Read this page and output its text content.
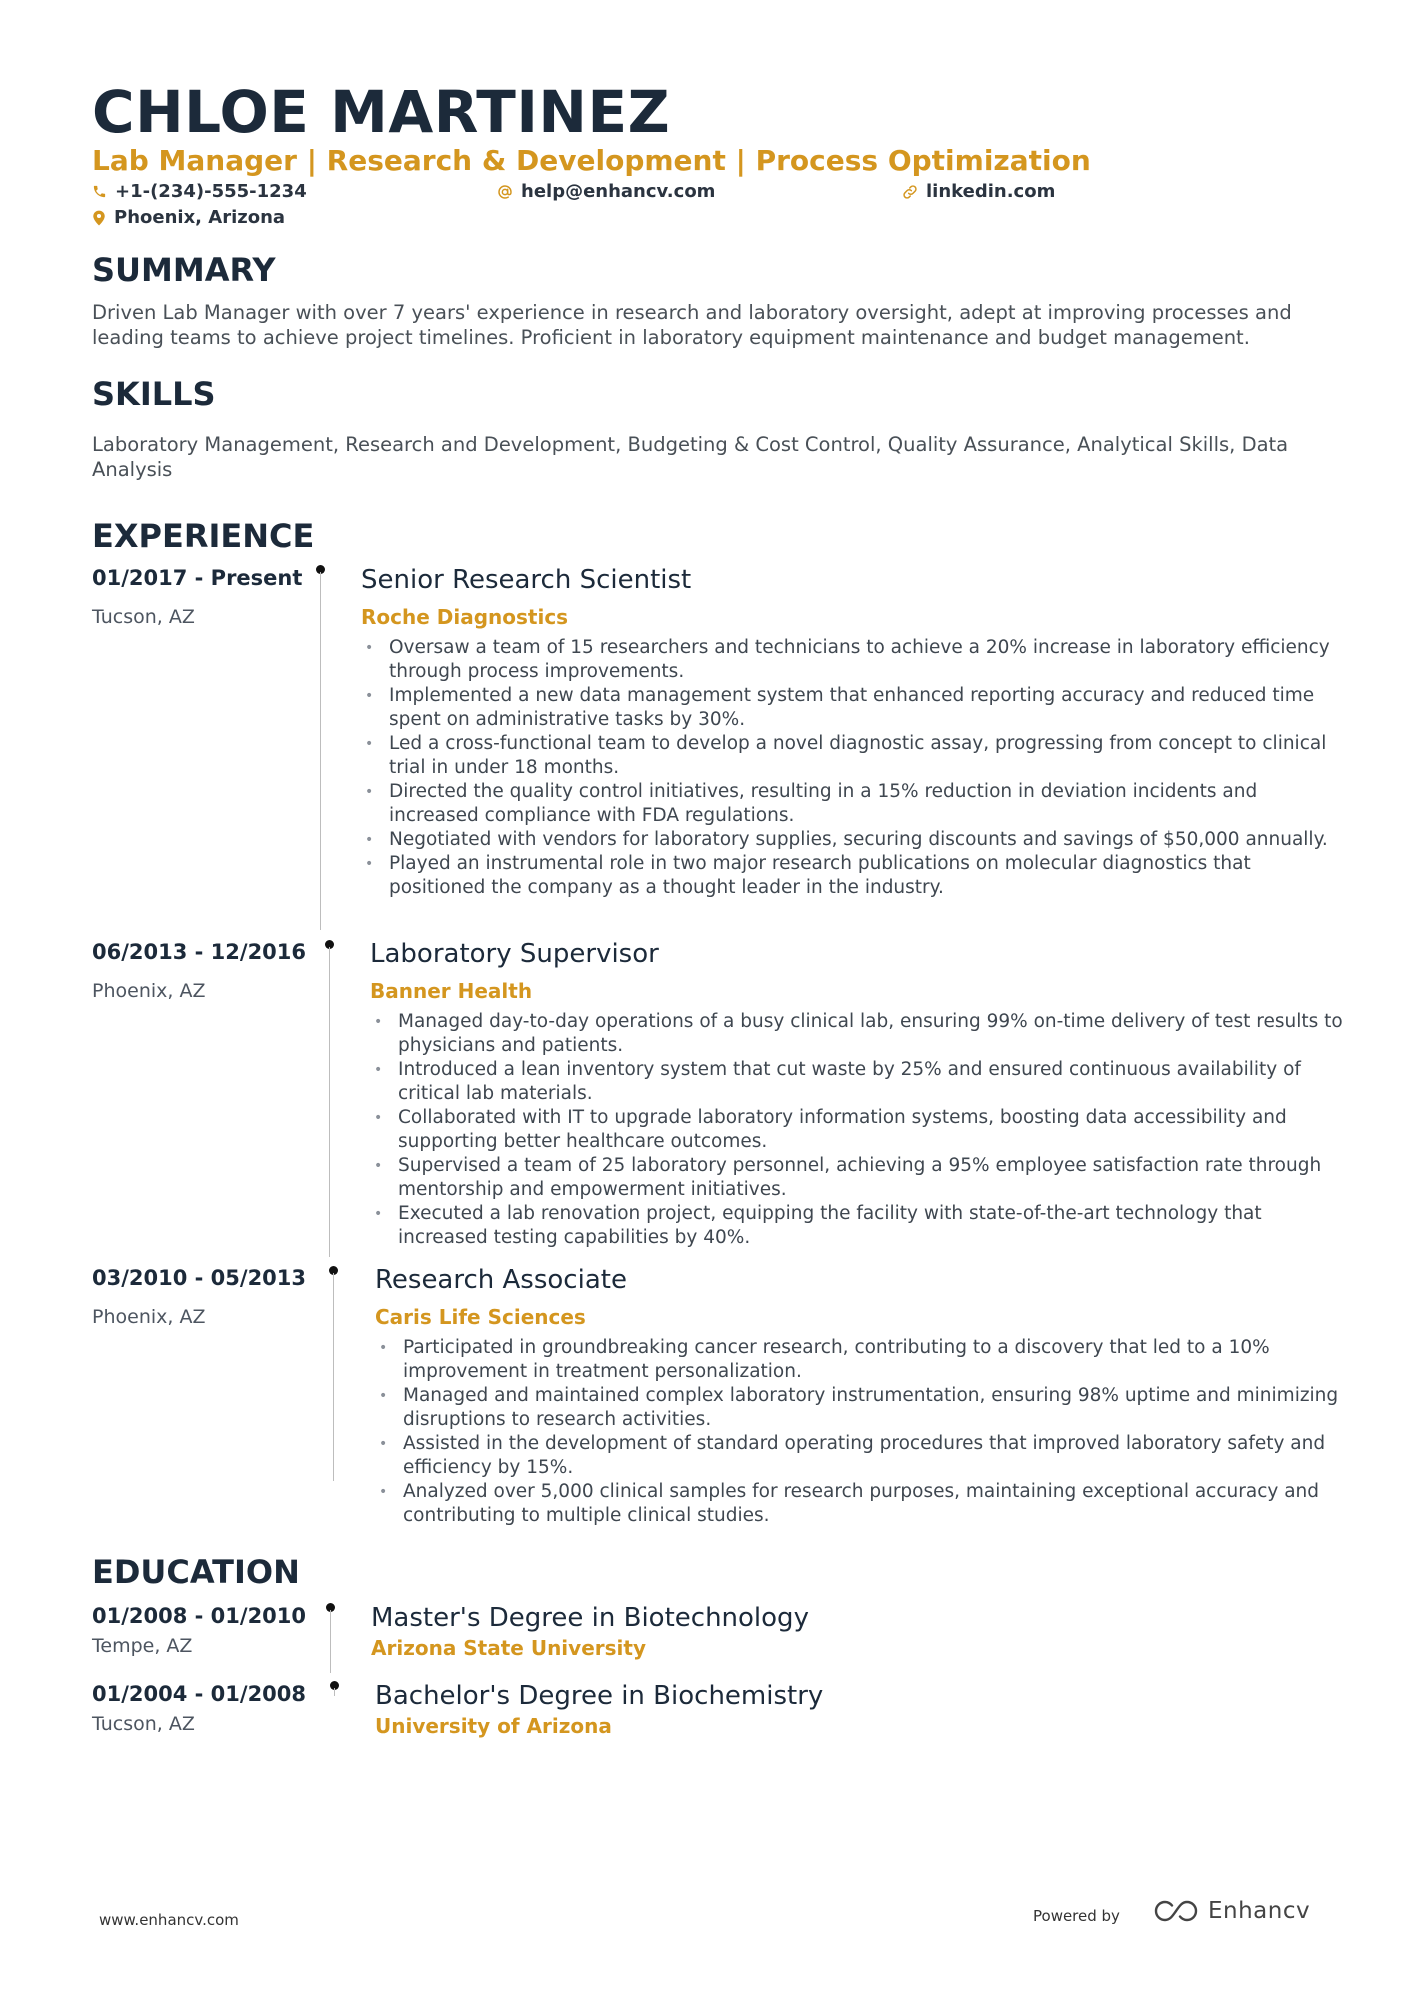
CHLOE MARTINEZ
Lab Manager | Research & Development | Process Optimization
+1-(234)-555-1234	help@enhancv.com	linkedin.com
Phoenix, Arizona
SUMMARY
Driven Lab Manager with over 7 years' experience in research and laboratory oversight, adept at improving processes and leading teams to achieve project timelines. Proficient in laboratory equipment maintenance and budget management.
SKILLS
Laboratory Management, Research and Development, Budgeting & Cost Control, Quality Assurance, Analytical Skills, Data Analysis
EXPERIENCE
01/2017 - Present
Tucson, AZ
Senior Research Scientist
Roche Diagnostics
• Oversaw a team of 15 researchers and technicians to achieve a 20% increase in laboratory efficiency through process improvements.
• Implemented a new data management system that enhanced reporting accuracy and reduced time spent on administrative tasks by 30%.
• Led a cross-functional team to develop a novel diagnostic assay, progressing from concept to clinical trial in under 18 months.
• Directed the quality control initiatives, resulting in a 15% reduction in deviation incidents and increased compliance with FDA regulations.
• Negotiated with vendors for laboratory supplies, securing discounts and savings of $50,000 annually.
• Played an instrumental role in two major research publications on molecular diagnostics that positioned the company as a thought leader in the industry.
06/2013 - 12/2016
Phoenix, AZ
Laboratory Supervisor
Banner Health
• Managed day-to-day operations of a busy clinical lab, ensuring 99% on-time delivery of test results to physicians and patients.
• Introduced a lean inventory system that cut waste by 25% and ensured continuous availability of critical lab materials.
• Collaborated with IT to upgrade laboratory information systems, boosting data accessibility and supporting better healthcare outcomes.
• Supervised a team of 25 laboratory personnel, achieving a 95% employee satisfaction rate through mentorship and empowerment initiatives.
• Executed a lab renovation project, equipping the facility with state-of-the-art technology that increased testing capabilities by 40%.
03/2010 - 05/2013
Phoenix, AZ
Research Associate
Caris Life Sciences
• Participated in groundbreaking cancer research, contributing to a discovery that led to a 10% improvement in treatment personalization.
• Managed and maintained complex laboratory instrumentation, ensuring 98% uptime and minimizing disruptions to research activities.
• Assisted in the development of standard operating procedures that improved laboratory safety and efficiency by 15%.
• Analyzed over 5,000 clinical samples for research purposes, maintaining exceptional accuracy and contributing to multiple clinical studies.
EDUCATION
01/2008 - 01/2010
Tempe, AZ
Master's Degree in Biotechnology
Arizona State University
01/2004 - 01/2008
Tucson, AZ
Bachelor's Degree in Biochemistry
University of Arizona
www.enhancv.com	Powered by	Enhancv
